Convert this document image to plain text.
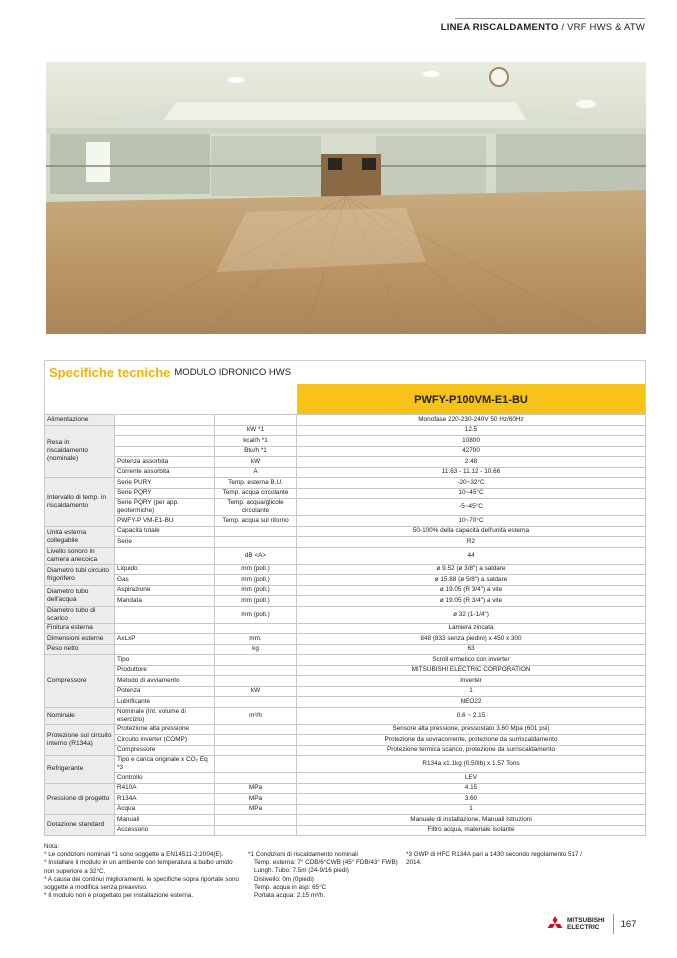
LINEA RISCALDAMENTO / VRF HWS & ATW
Specifiche tecniche MODULO IDRONICO HWS
PWFY-P100VM-E1-BU
Alimentazione			Monofase 220-230-240V 50 Hz/60Hz
Resa in riscaldamento (nominale)		kW *1	12.5
		kcal/h *1	10800
		Btu/h *1	42700
	Potenza assorbita	kW	2.48
	Corrente assorbita	A	11.63 - 11.12 - 10.66
Intervallo di temp. in riscaldamento	Serie PURY	Temp. esterna B.U.	-20~32°C
	Serie PQRY	Temp. acqua circolante	10~45°C
	Serie PQRY (per app. geotermiche)	Temp. acqua/glicole circolante	-5~45°C
	PWFY-P VM-E1-BU	Temp. acqua sul ritorno	10~70°C
Unità esterna collegabile	Capacità totale		50-100% della capacità dell'unità esterna
	Serie		R2
Livello sonoro in camera anecoica		dB <A>	44
Diametro tubi circuito frigorifero	Liquido	mm (poll.)	ø 9.52 (ø 3/8") a saldare
	Gas	mm (poll.)	ø 15.88 (ø 5/8") a saldare
Diametro tubo dell'acqua	Aspirazione	mm (poll.)	ø 19.05 (R 3/4") a vite
	Mandata	mm (poll.)	ø 19.05 (R 3/4") a vite
Diametro tubo di scarico		mm (poll.)	ø 32 (1-1/4")
Finitura esterna			Lamiera zincata
Dimensioni esterne	AxLxP	mm.	848 (833 senza piedini) x 450 x 300
Peso netto		kg	63
Compressore	Tipo		Scroll ermetico con inverter
	Produttore		MITSUBISHI ELECTRIC CORPORATION
	Metodo di avviamento		Inverter
	Potenza	kW	1
	Lubrificante		NEO22
Nominale	Nominale (Int. volume di esercizio)	m³/h	0.6 ~ 2.15
Protezione sul circuito interno (R134a)	Protezione alta pressione		Sensore alta pressione, pressostato 3.60 Mpa (601 psi)
	Circuito inverter (COMP)		Protezione da sovracorrente, protezione da surriscaldamento
	Compressore		Protezione termica scarico, protezione da surriscaldamento
Refrigerante	Tipo e carica originale x CO₂ Eq *3		R134a x1.1kg (0.50lb) x 1.57 Tons
	Controllo		LEV
Pressione di progetto	R410A	MPa	4.15
	R134A	MPa	3.60
	Acqua	MPa	1
Dotazione standard	Manuali		Manuale di installazione, Manuali Istruzioni
	Accessorio		Filtro acqua, materiale isolante
Nota:
* Le condizioni nominali *1 sono soggette a EN14511-2:2004(E).
* Installare il modulo in un ambiente con temperatura a bulbo umido non superiore a 32°C.
* A causa dei continui miglioramenti, le specifiche sopra riportate sono soggette a modifica senza preavviso.
* Il modulo non è progettato per installazione esterna.
*1 Condizioni di riscaldamento nominali
Temp. esterna: 7° CDB/6°CWB (45° FDB/43° FWB)
Lungh. Tubo: 7.5m (24-9/16 piedi)
Dislivello: 0m (0piedi)
Temp. acqua in asp: 65°C
Portata acqua: 2.15 m³/h.
*3 GWP di HFC R134A pari a 1430 secondo regolamento 517 / 2014.
MITSUBISHI
ELECTRIC	167
